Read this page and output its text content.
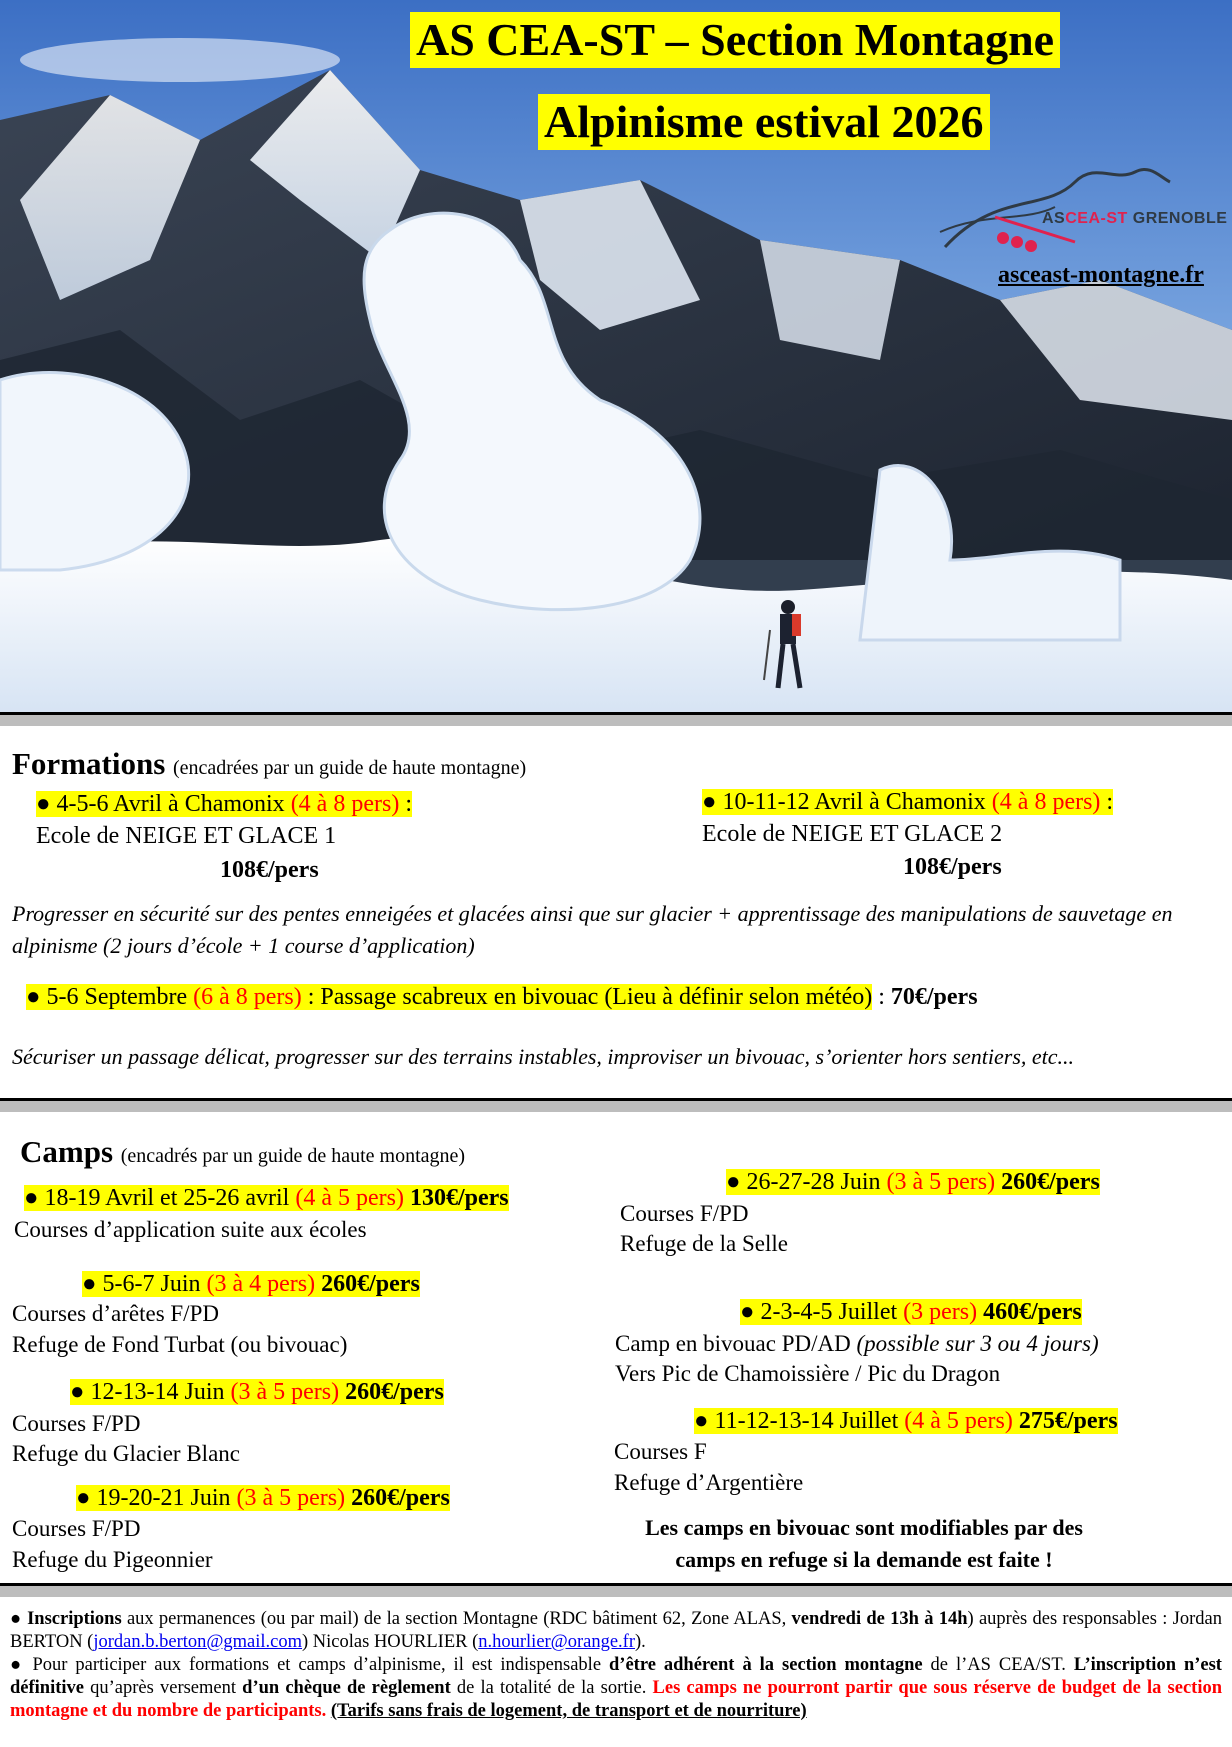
AS CEA-ST – Section Montagne
Alpinisme estival 2026
ASCEA-ST GRENOBLE
asceast-montagne.fr
Formations (encadrées par un guide de haute montagne)
● 4-5-6 Avril à Chamonix (4 à 8 pers) :
Ecole de NEIGE ET GLACE 1
108€/pers
● 10-11-12 Avril à Chamonix (4 à 8 pers) :
Ecole de NEIGE ET GLACE 2
108€/pers
Progresser en sécurité sur des pentes enneigées et glacées ainsi que sur glacier + apprentissage des manipulations de sauvetage en alpinisme (2 jours d’école + 1 course d’application)
● 5-6 Septembre (6 à 8 pers) : Passage scabreux en bivouac (Lieu à définir selon météo) : 70€/pers
Sécuriser un passage délicat, progresser sur des terrains instables, improviser un bivouac, s’orienter hors sentiers, etc...
Camps (encadrés par un guide de haute montagne)
● 18-19 Avril et 25-26 avril (4 à 5 pers) 130€/pers
Courses d’application suite aux écoles
● 5-6-7 Juin (3 à 4 pers) 260€/pers
Courses d’arêtes F/PD
Refuge de Fond Turbat (ou bivouac)
● 12-13-14 Juin (3 à 5 pers) 260€/pers
Courses F/PD
Refuge du Glacier Blanc
● 19-20-21 Juin (3 à 5 pers) 260€/pers
Courses F/PD
Refuge du Pigeonnier
● 26-27-28 Juin (3 à 5 pers) 260€/pers
Courses F/PD
Refuge de la Selle
● 2-3-4-5 Juillet (3 pers) 460€/pers
Camp en bivouac PD/AD (possible sur 3 ou 4 jours)
Vers Pic de Chamoissière / Pic du Dragon
● 11-12-13-14 Juillet (4 à 5 pers) 275€/pers
Courses F
Refuge d’Argentière
Les camps en bivouac sont modifiables par des
camps en refuge si la demande est faite !

● Inscriptions aux permanences (ou par mail) de la section Montagne (RDC bâtiment 62, Zone ALAS, vendredi de 13h à 14h) auprès des responsables : Jordan BERTON (jordan.b.berton@gmail.com) Nicolas HOURLIER (n.hourlier@orange.fr).

● Pour participer aux formations et camps d’alpinisme, il est indispensable d’être adhérent à la section montagne de l’AS CEA/ST. L’inscription n’est définitive qu’après versement d’un chèque de règlement de la totalité de la sortie. Les camps ne pourront partir que sous réserve de budget de la section montagne et du nombre de participants. (Tarifs sans frais de logement, de transport et de nourriture)
